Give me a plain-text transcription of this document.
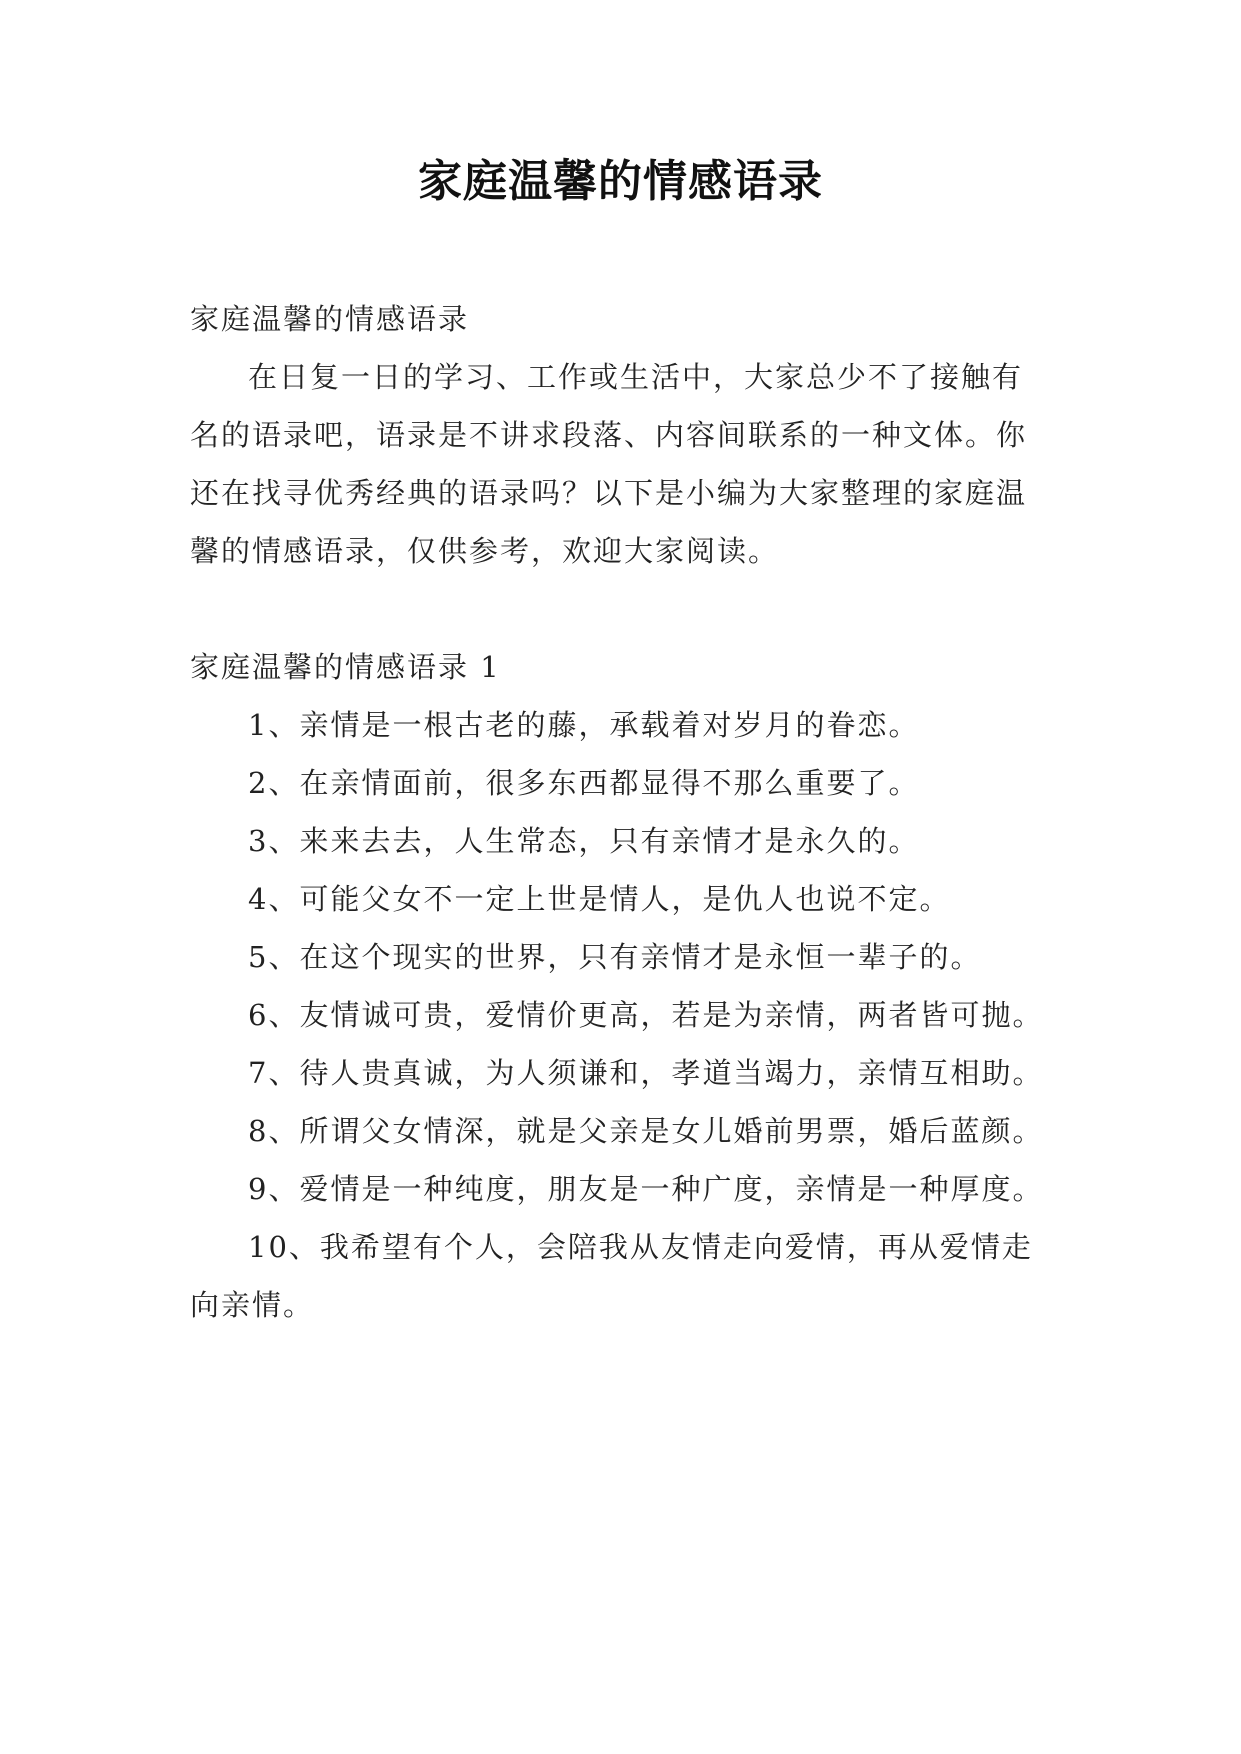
家庭温馨的情感语录

家庭温馨的情感语录

在日复一日的学习、工作或生活中，大家总少不了接触有名的语录吧，语录是不讲求段落、内容间联系的一种文体。你还在找寻优秀经典的语录吗？以下是小编为大家整理的家庭温馨的情感语录，仅供参考，欢迎大家阅读。

家庭温馨的情感语录 1

1、亲情是一根古老的藤，承载着对岁月的眷恋。

2、在亲情面前，很多东西都显得不那么重要了。

3、来来去去，人生常态，只有亲情才是永久的。

4、可能父女不一定上世是情人，是仇人也说不定。

5、在这个现实的世界，只有亲情才是永恒一辈子的。

6、友情诚可贵，爱情价更高，若是为亲情，两者皆可抛。

7、待人贵真诚，为人须谦和，孝道当竭力，亲情互相助。

8、所谓父女情深，就是父亲是女儿婚前男票，婚后蓝颜。

9、爱情是一种纯度，朋友是一种广度，亲情是一种厚度。

10、我希望有个人，会陪我从友情走向爱情，再从爱情走向亲情。
